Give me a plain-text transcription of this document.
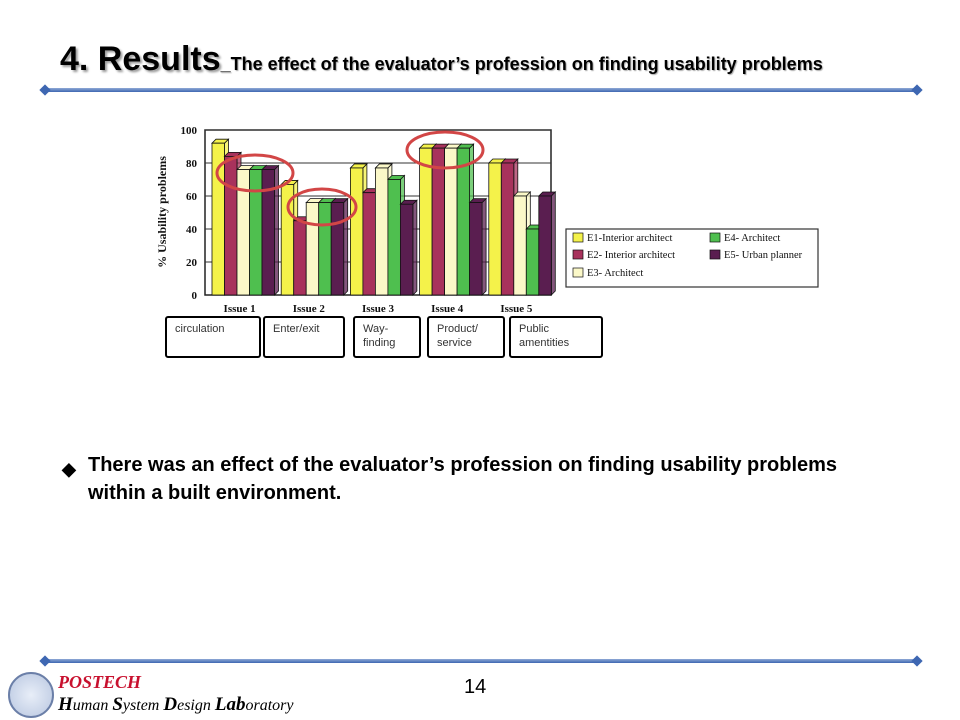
4. Results_The effect of the evaluator’s profession on finding usability problems
0
20
40
60
80
100
% Usability problems
Issue 1	Issue 2	Issue 3	Issue 4	Issue 5
E1-Interior architect	E4- Architect
E2- Interior architect	E5- Urban planner
E3- Architect
circulation	Enter/exit	Way-
finding
Product/
service
Public
amentities
◆ There was an effect of the evaluator’s profession on finding usability problems within a built environment.
14
POSTECH
Human System Design Laboratory
